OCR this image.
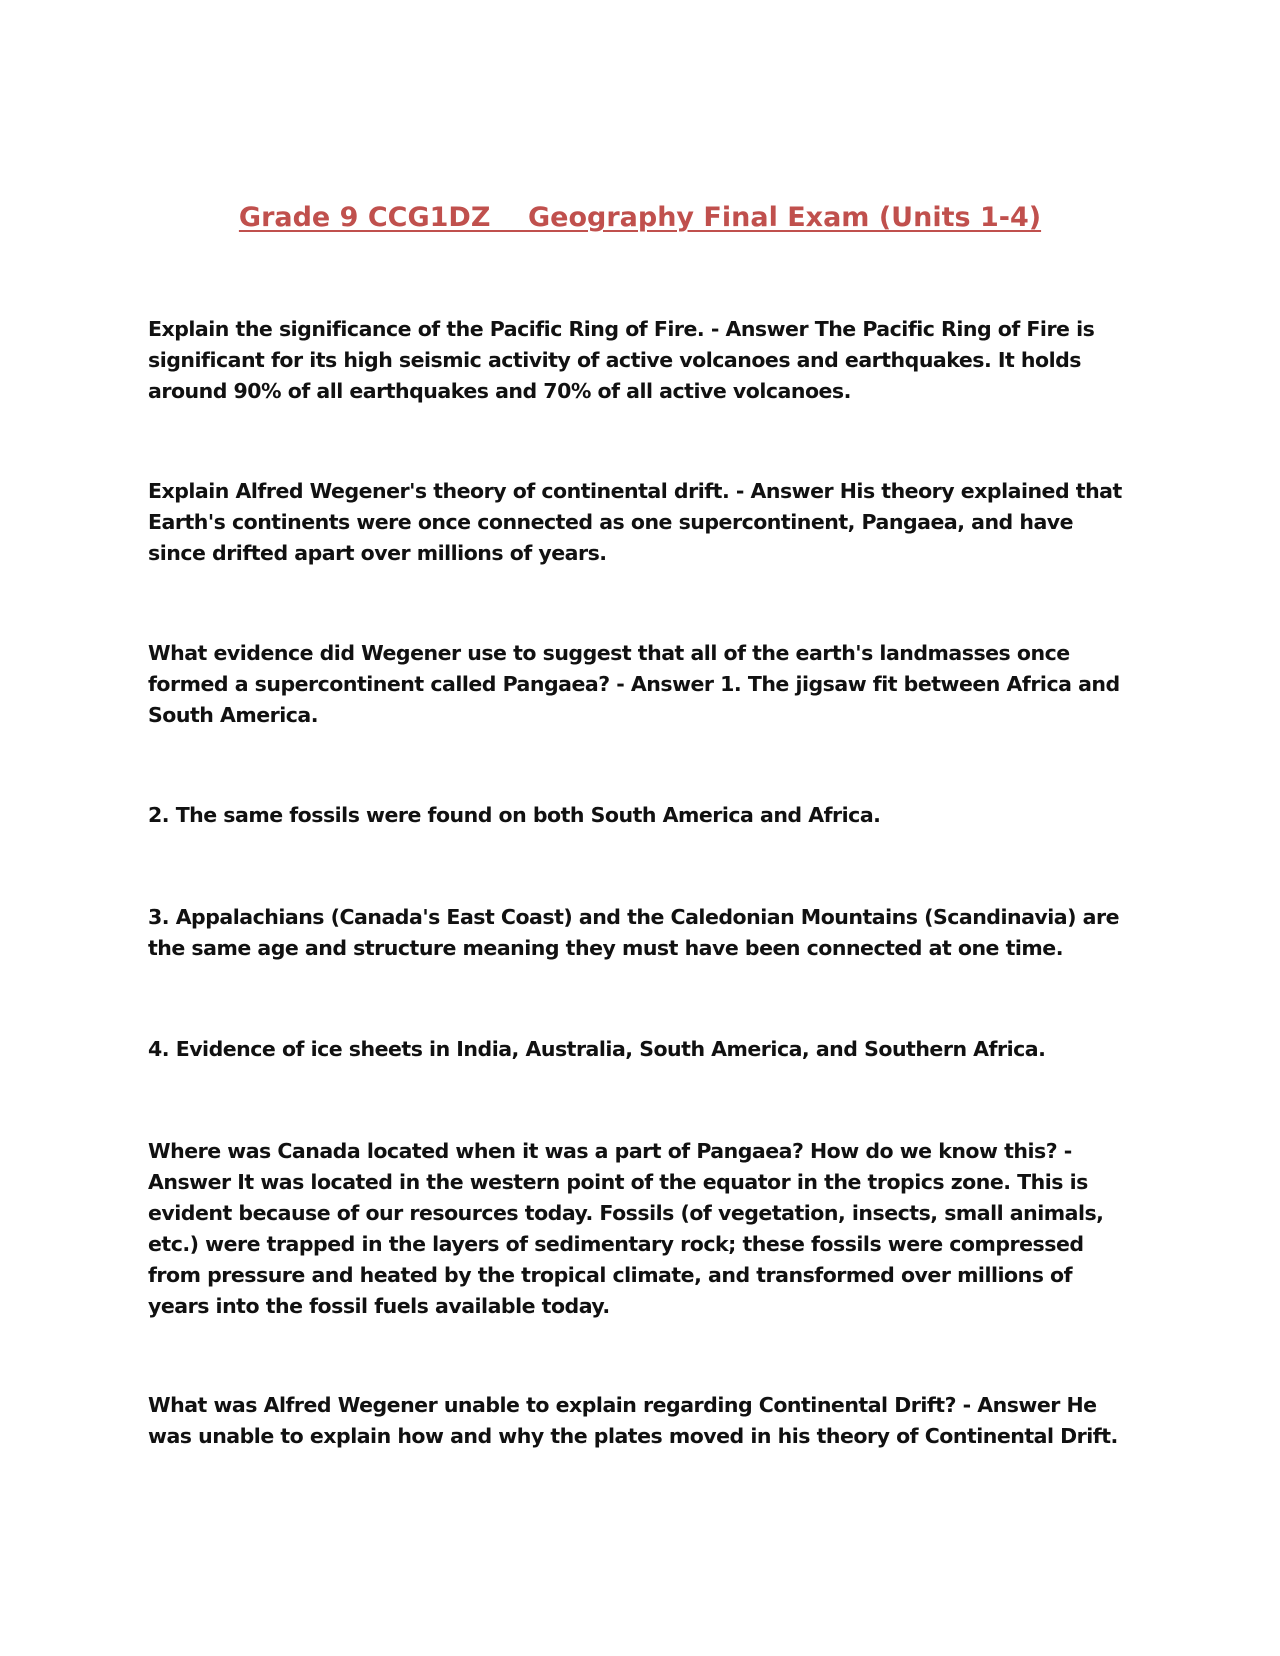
Grade 9 CCG1DZ    Geography Final Exam (Units 1-4)
Explain the significance of the Pacific Ring of Fire. - Answer The Pacific Ring of Fire is
significant for its high seismic activity of active volcanoes and earthquakes. It holds
around 90% of all earthquakes and 70% of all active volcanoes.
Explain Alfred Wegener's theory of continental drift. - Answer His theory explained that
Earth's continents were once connected as one supercontinent, Pangaea, and have
since drifted apart over millions of years.
What evidence did Wegener use to suggest that all of the earth's landmasses once
formed a supercontinent called Pangaea? - Answer 1. The jigsaw fit between Africa and
South America.
2. The same fossils were found on both South America and Africa.
3. Appalachians (Canada's East Coast) and the Caledonian Mountains (Scandinavia) are
the same age and structure meaning they must have been connected at one time.
4. Evidence of ice sheets in India, Australia, South America, and Southern Africa.
Where was Canada located when it was a part of Pangaea? How do we know this? -
Answer It was located in the western point of the equator in the tropics zone. This is
evident because of our resources today. Fossils (of vegetation, insects, small animals,
etc.) were trapped in the layers of sedimentary rock; these fossils were compressed
from pressure and heated by the tropical climate, and transformed over millions of
years into the fossil fuels available today.
What was Alfred Wegener unable to explain regarding Continental Drift? - Answer He
was unable to explain how and why the plates moved in his theory of Continental Drift.
